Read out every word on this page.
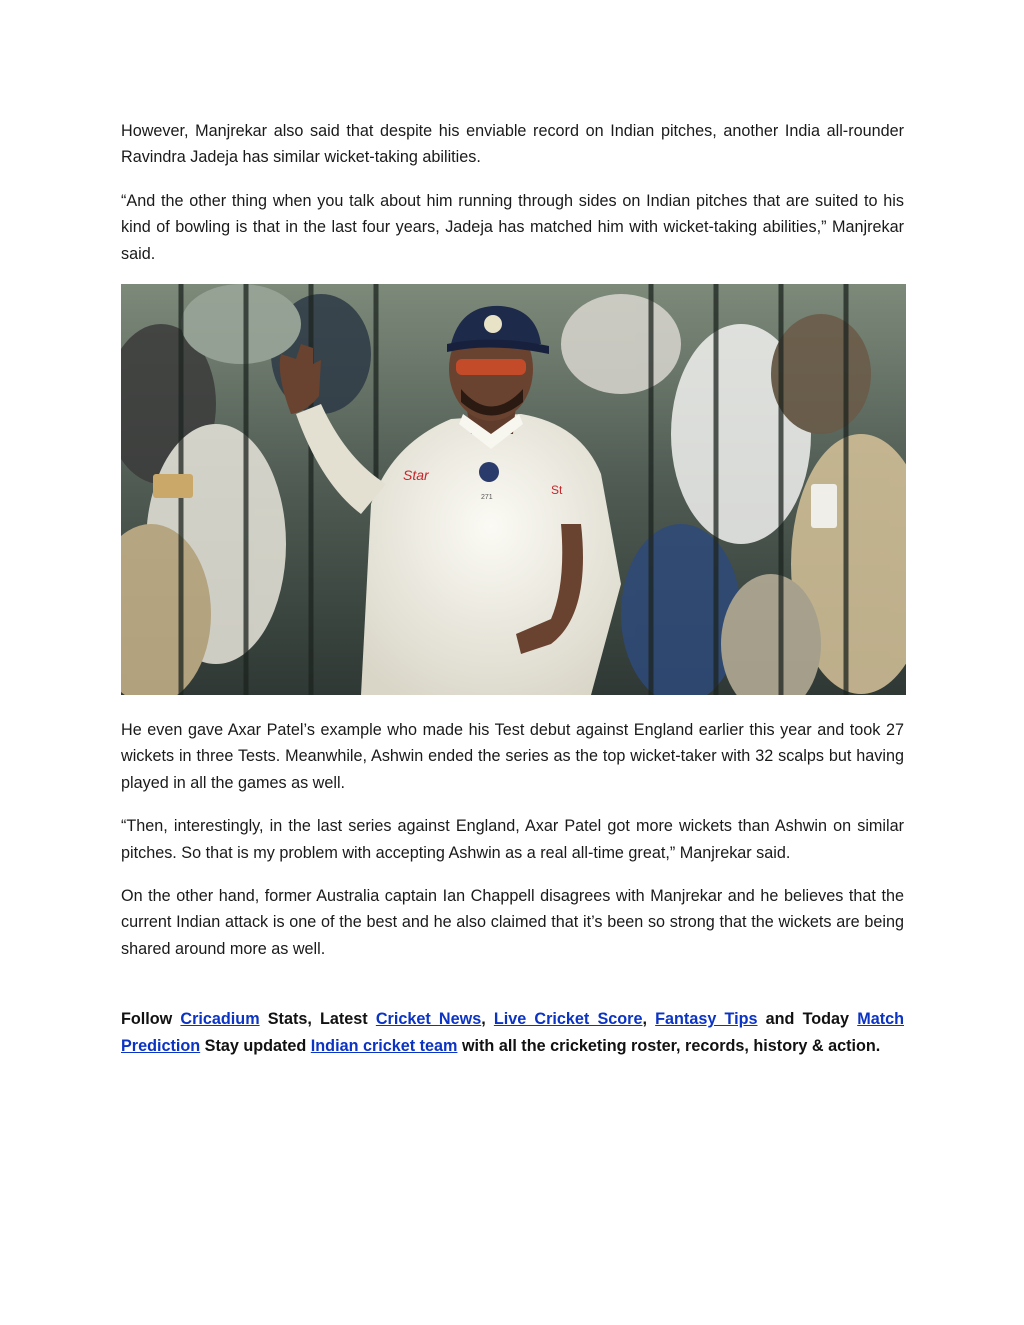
However, Manjrekar also said that despite his enviable record on Indian pitches, another India all-rounder Ravindra Jadeja has similar wicket-taking abilities.

“And the other thing when you talk about him running through sides on Indian pitches that are suited to his kind of bowling is that in the last four years, Jadeja has matched him with wicket-taking abilities,” Manjrekar said.

Star
St
271

He even gave Axar Patel’s example who made his Test debut against England earlier this year and took 27 wickets in three Tests. Meanwhile, Ashwin ended the series as the top wicket-taker with 32 scalps but having played in all the games as well.

“Then, interestingly, in the last series against England, Axar Patel got more wickets than Ashwin on similar pitches. So that is my problem with accepting Ashwin as a real all-time great,” Manjrekar said.

On the other hand, former Australia captain Ian Chappell disagrees with Manjrekar and he believes that the current Indian attack is one of the best and he also claimed that it’s been so strong that the wickets are being shared around more as well.

Follow Cricadium Stats, Latest Cricket News, Live Cricket Score, Fantasy Tips and Today Match Prediction Stay updated Indian cricket team with all the cricketing roster, records, history & action.
